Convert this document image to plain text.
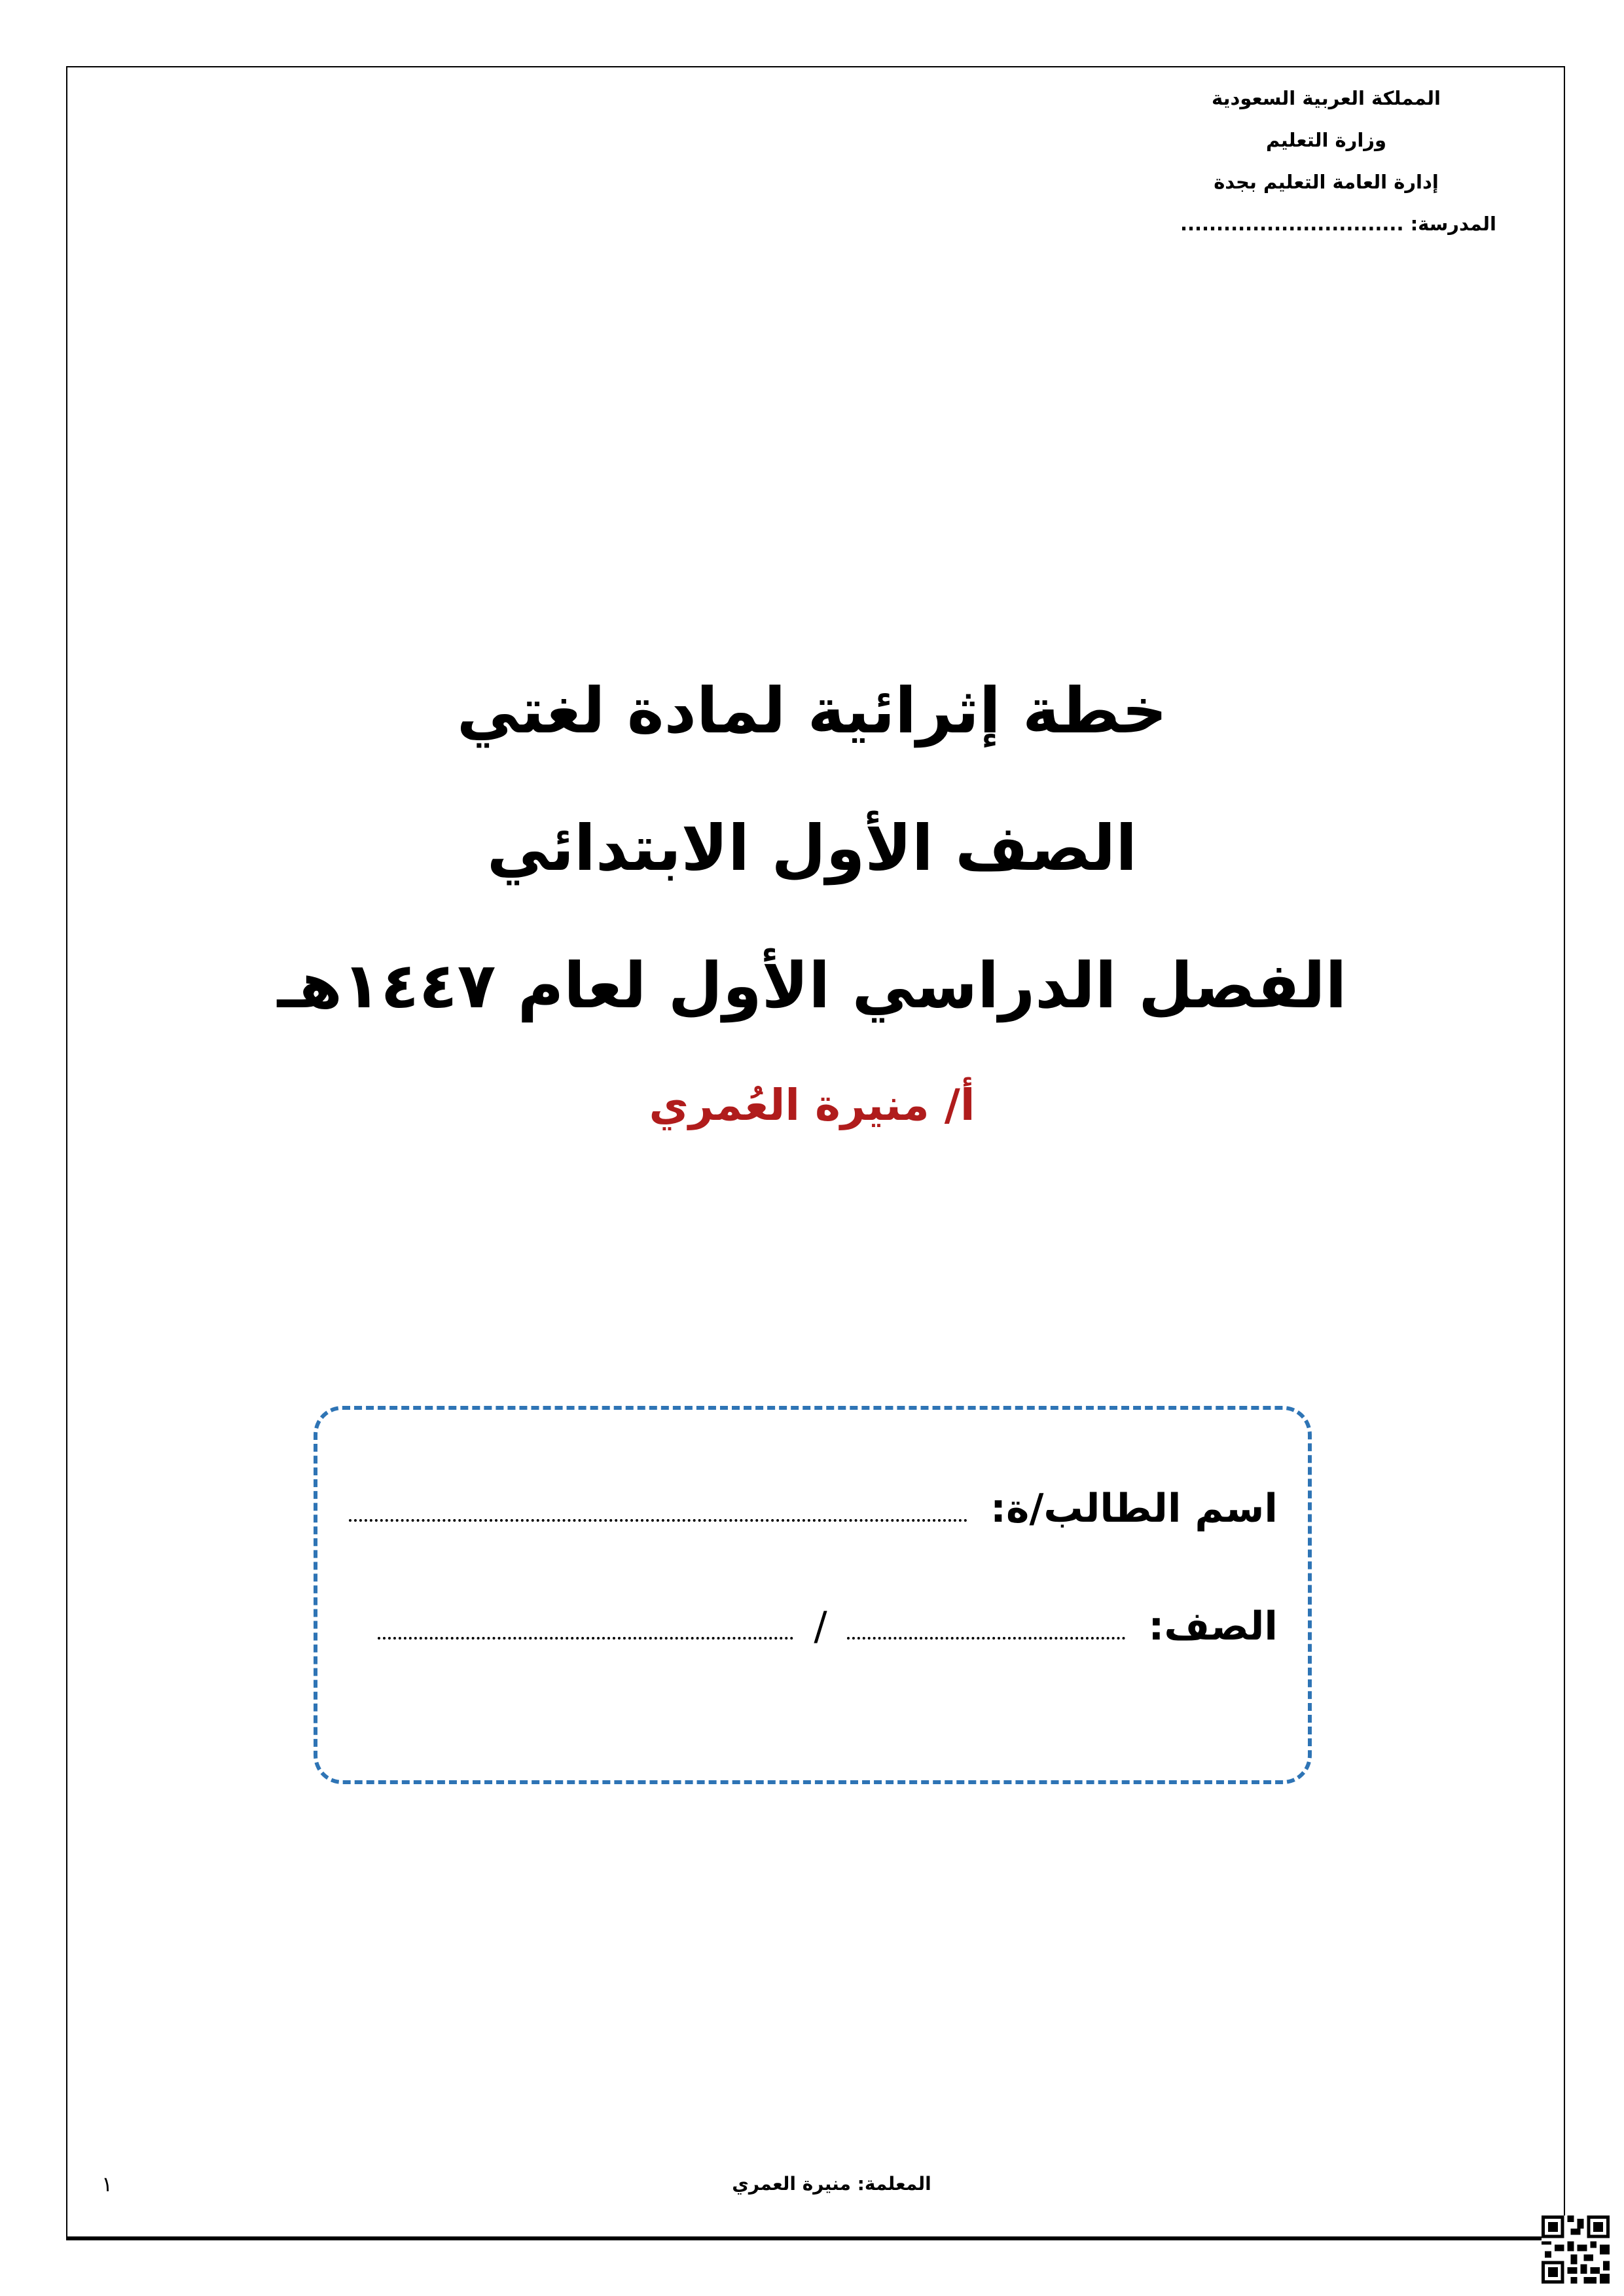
المملكة العربية السعودية
وزارة التعليم
إدارة العامة التعليم بجدة
المدرسة: ...............................
خطة إثرائية لمادة لغتي
الصف الأول الابتدائي
الفصل الدراسي الأول لعام ١٤٤٧هـ
أ/ منيرة العُمري
اسم الطالب/ة:
الصف:  /
المعلمة: منيرة العمري
١
